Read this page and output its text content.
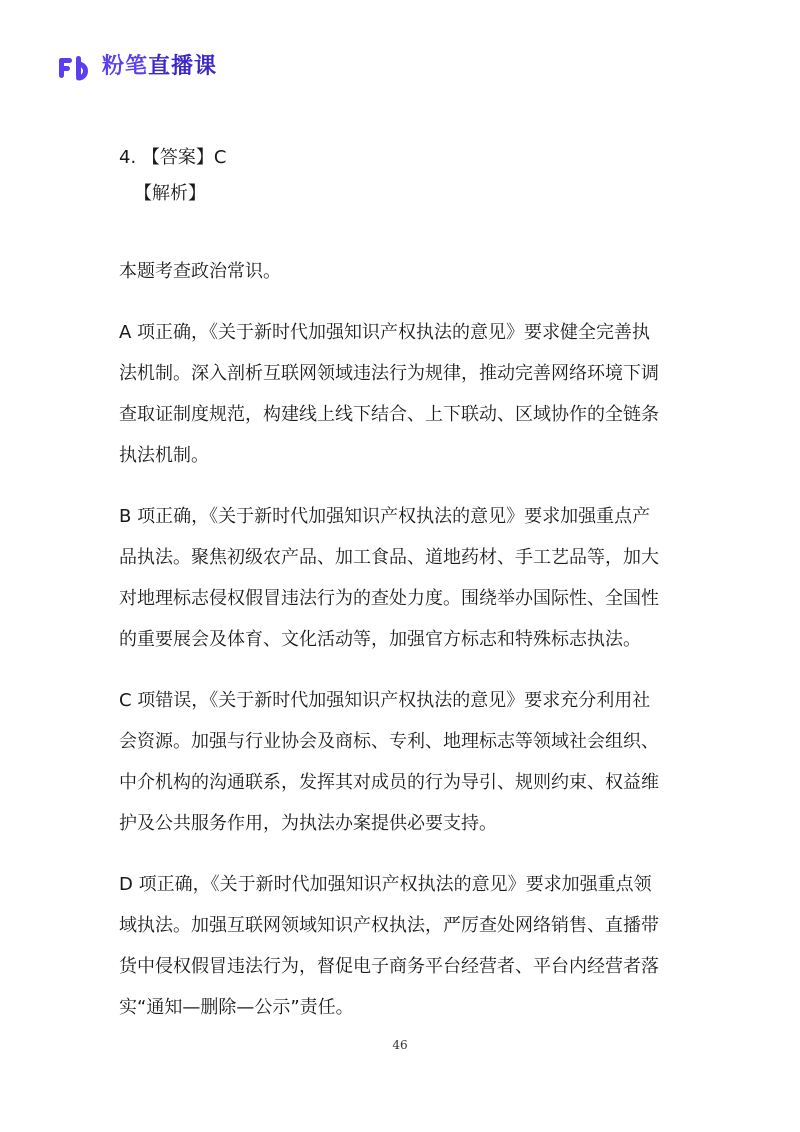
粉笔直播课
4. 【答案】C
【解析】
本题考查政治常识。
A 项正确，《关于新时代加强知识产权执法的意见》要求健全完善执
法机制。深入剖析互联网领域违法行为规律，推动完善网络环境下调
查取证制度规范，构建线上线下结合、上下联动、区域协作的全链条
执法机制。
B 项正确，《关于新时代加强知识产权执法的意见》要求加强重点产
品执法。聚焦初级农产品、加工食品、道地药材、手工艺品等，加大
对地理标志侵权假冒违法行为的查处力度。围绕举办国际性、全国性
的重要展会及体育、文化活动等，加强官方标志和特殊标志执法。
C 项错误，《关于新时代加强知识产权执法的意见》要求充分利用社
会资源。加强与行业协会及商标、专利、地理标志等领域社会组织、
中介机构的沟通联系，发挥其对成员的行为导引、规则约束、权益维
护及公共服务作用，为执法办案提供必要支持。
D 项正确，《关于新时代加强知识产权执法的意见》要求加强重点领
域执法。加强互联网领域知识产权执法，严厉查处网络销售、直播带
货中侵权假冒违法行为，督促电子商务平台经营者、平台内经营者落
实“通知—删除—公示”责任。
46
